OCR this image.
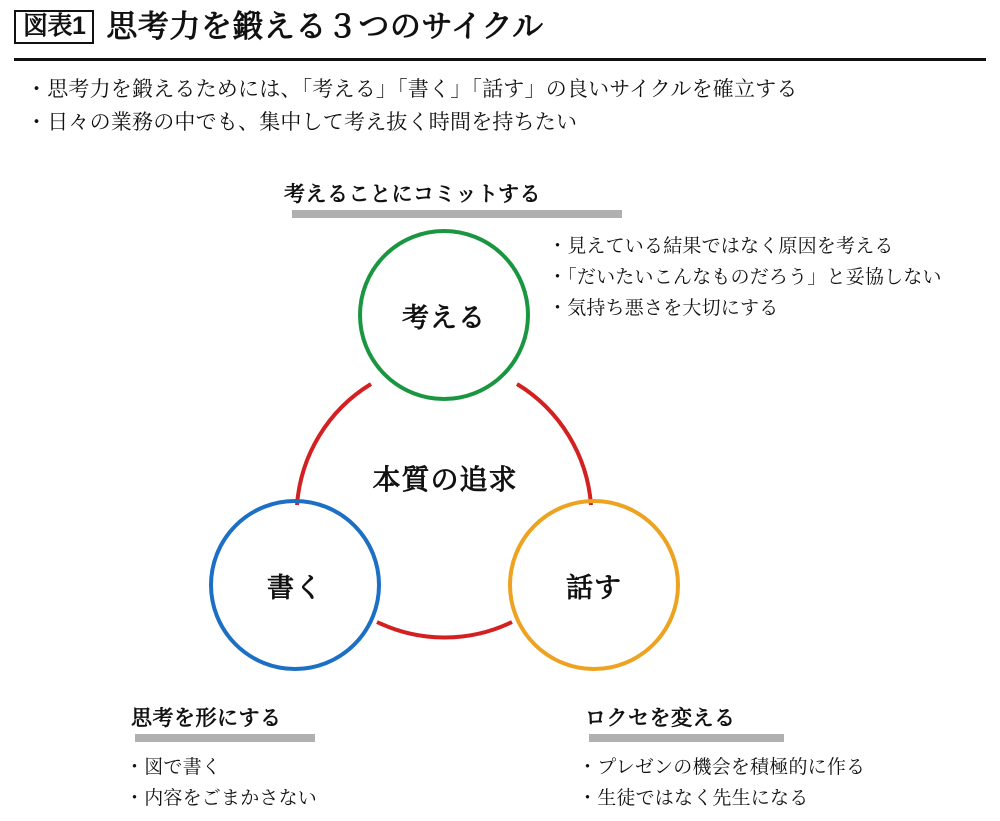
図表1 思考力を鍛える３つのサイクル
・思考力を鍛えるためには、「考える」「書く」「話す」の良いサイクルを確立する
・日々の業務の中でも、集中して考え抜く時間を持ちたい
考える
書く	話す
本質の追求
考えることにコミットする
思考を形にする	ロクセを変える
・見えている結果ではなく原因を考える
・「だいたいこんなものだろう」と妥協しない
・気持ち悪さを大切にする
・図で書く
・内容をごまかさない
・プレゼンの機会を積極的に作る
・生徒ではなく先生になる
